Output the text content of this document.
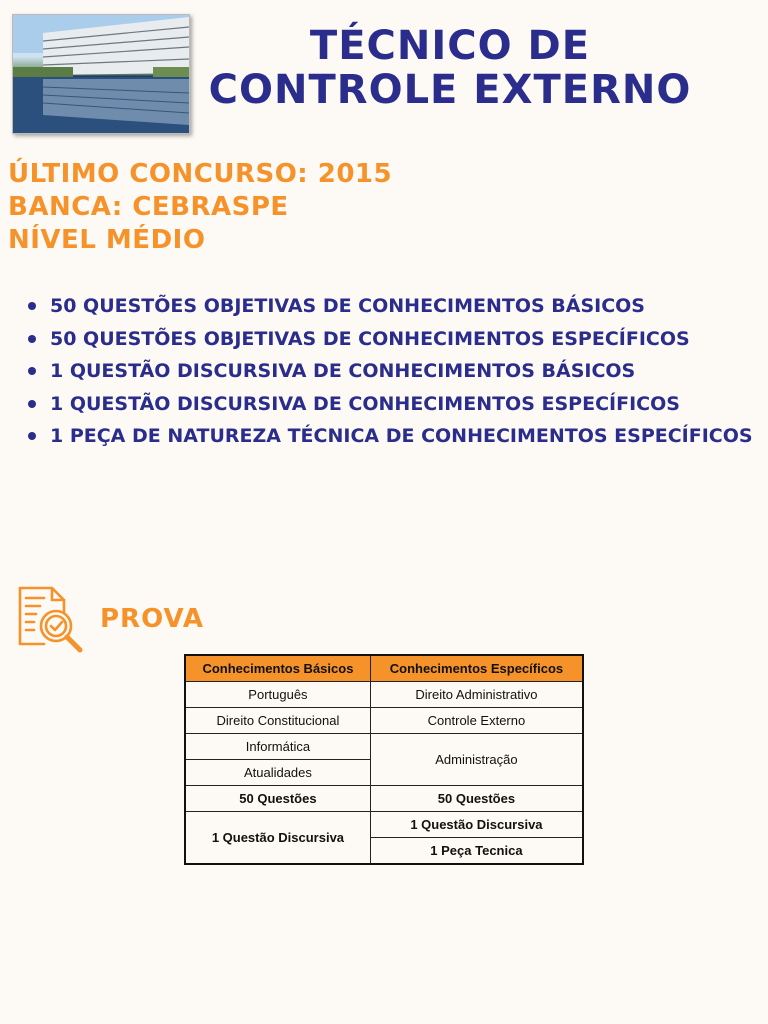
TÉCNICO DE
CONTROLE EXTERNO
ÚLTIMO CONCURSO: 2015
BANCA: CEBRASPE
NÍVEL MÉDIO
50 QUESTÕES OBJETIVAS DE CONHECIMENTOS BÁSICOS
50 QUESTÕES OBJETIVAS DE CONHECIMENTOS ESPECÍFICOS
1 QUESTÃO DISCURSIVA DE CONHECIMENTOS BÁSICOS
1 QUESTÃO DISCURSIVA DE CONHECIMENTOS ESPECÍFICOS
1 PEÇA DE NATUREZA TÉCNICA DE CONHECIMENTOS ESPECÍFICOS
PROVA
Conhecimentos Básicos	Conhecimentos Específicos
Português	Direito Administrativo
Direito Constitucional	Controle Externo
Informática	Administração
Atualidades	
50 Questões	50 Questões
1 Questão Discursiva	1 Questão Discursiva
	1 Peça Tecnica
